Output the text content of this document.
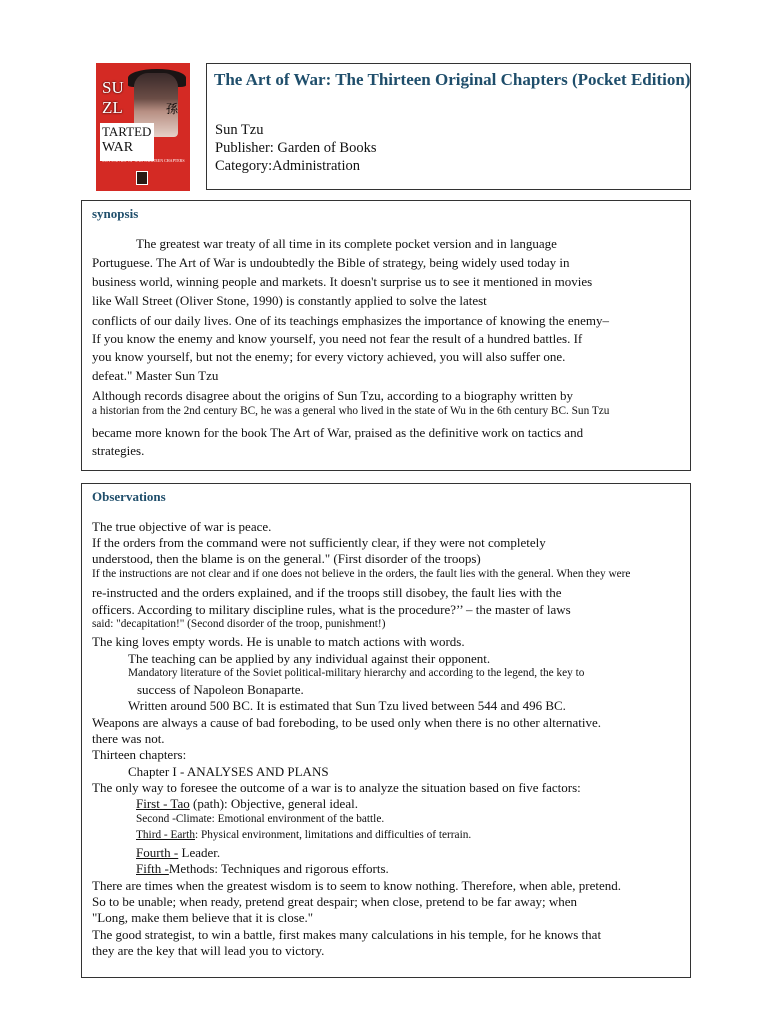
SU
ZL
TARTED
WAR
SUN TSU ART OF WAR THIRTEEN CHAPTERS
孫
The Art of War: The Thirteen Original Chapters (Pocket Edition)
Sun Tzu
Publisher: Garden of Books
Category:Administration
synopsis
The greatest war treaty of all time in its complete pocket version and in language
Portuguese. The Art of War is undoubtedly the Bible of strategy, being widely used today in
business world, winning people and markets. It doesn't surprise us to see it mentioned in movies
like Wall Street (Oliver Stone, 1990) is constantly applied to solve the latest
conflicts of our daily lives. One of its teachings emphasizes the importance of knowing the enemy–
If you know the enemy and know yourself, you need not fear the result of a hundred battles. If
you know yourself, but not the enemy; for every victory achieved, you will also suffer one.
defeat." Master Sun Tzu
Although records disagree about the origins of Sun Tzu, according to a biography written by
a historian from the 2nd century BC, he was a general who lived in the state of Wu in the 6th century BC. Sun Tzu
became more known for the book The Art of War, praised as the definitive work on tactics and
strategies.
Observations
The true objective of war is peace.
If the orders from the command were not sufficiently clear, if they were not completely
understood, then the blame is on the general." (First disorder of the troops)
If the instructions are not clear and if one does not believe in the orders, the fault lies with the general. When they were
re-instructed and the orders explained, and if the troops still disobey, the fault lies with the
officers. According to military discipline rules, what is the procedure?’’ – the master of laws
said: "decapitation!" (Second disorder of the troop, punishment!)
The king loves empty words. He is unable to match actions with words.
The teaching can be applied by any individual against their opponent.
Mandatory literature of the Soviet political-military hierarchy and according to the legend, the key to
success of Napoleon Bonaparte.
Written around 500 BC. It is estimated that Sun Tzu lived between 544 and 496 BC.
Weapons are always a cause of bad foreboding, to be used only when there is no other alternative.
there was not.
Thirteen chapters:
Chapter I - ANALYSES AND PLANS
The only way to foresee the outcome of a war is to analyze the situation based on five factors:
First - Tao (path): Objective, general ideal.
Second -Climate: Emotional environment of the battle.
Third - Earth: Physical environment, limitations and difficulties of terrain.
Fourth - Leader.
Fifth -Methods: Techniques and rigorous efforts.
There are times when the greatest wisdom is to seem to know nothing. Therefore, when able, pretend.
So to be unable; when ready, pretend great despair; when close, pretend to be far away; when
"Long, make them believe that it is close."
The good strategist, to win a battle, first makes many calculations in his temple, for he knows that
they are the key that will lead you to victory.
